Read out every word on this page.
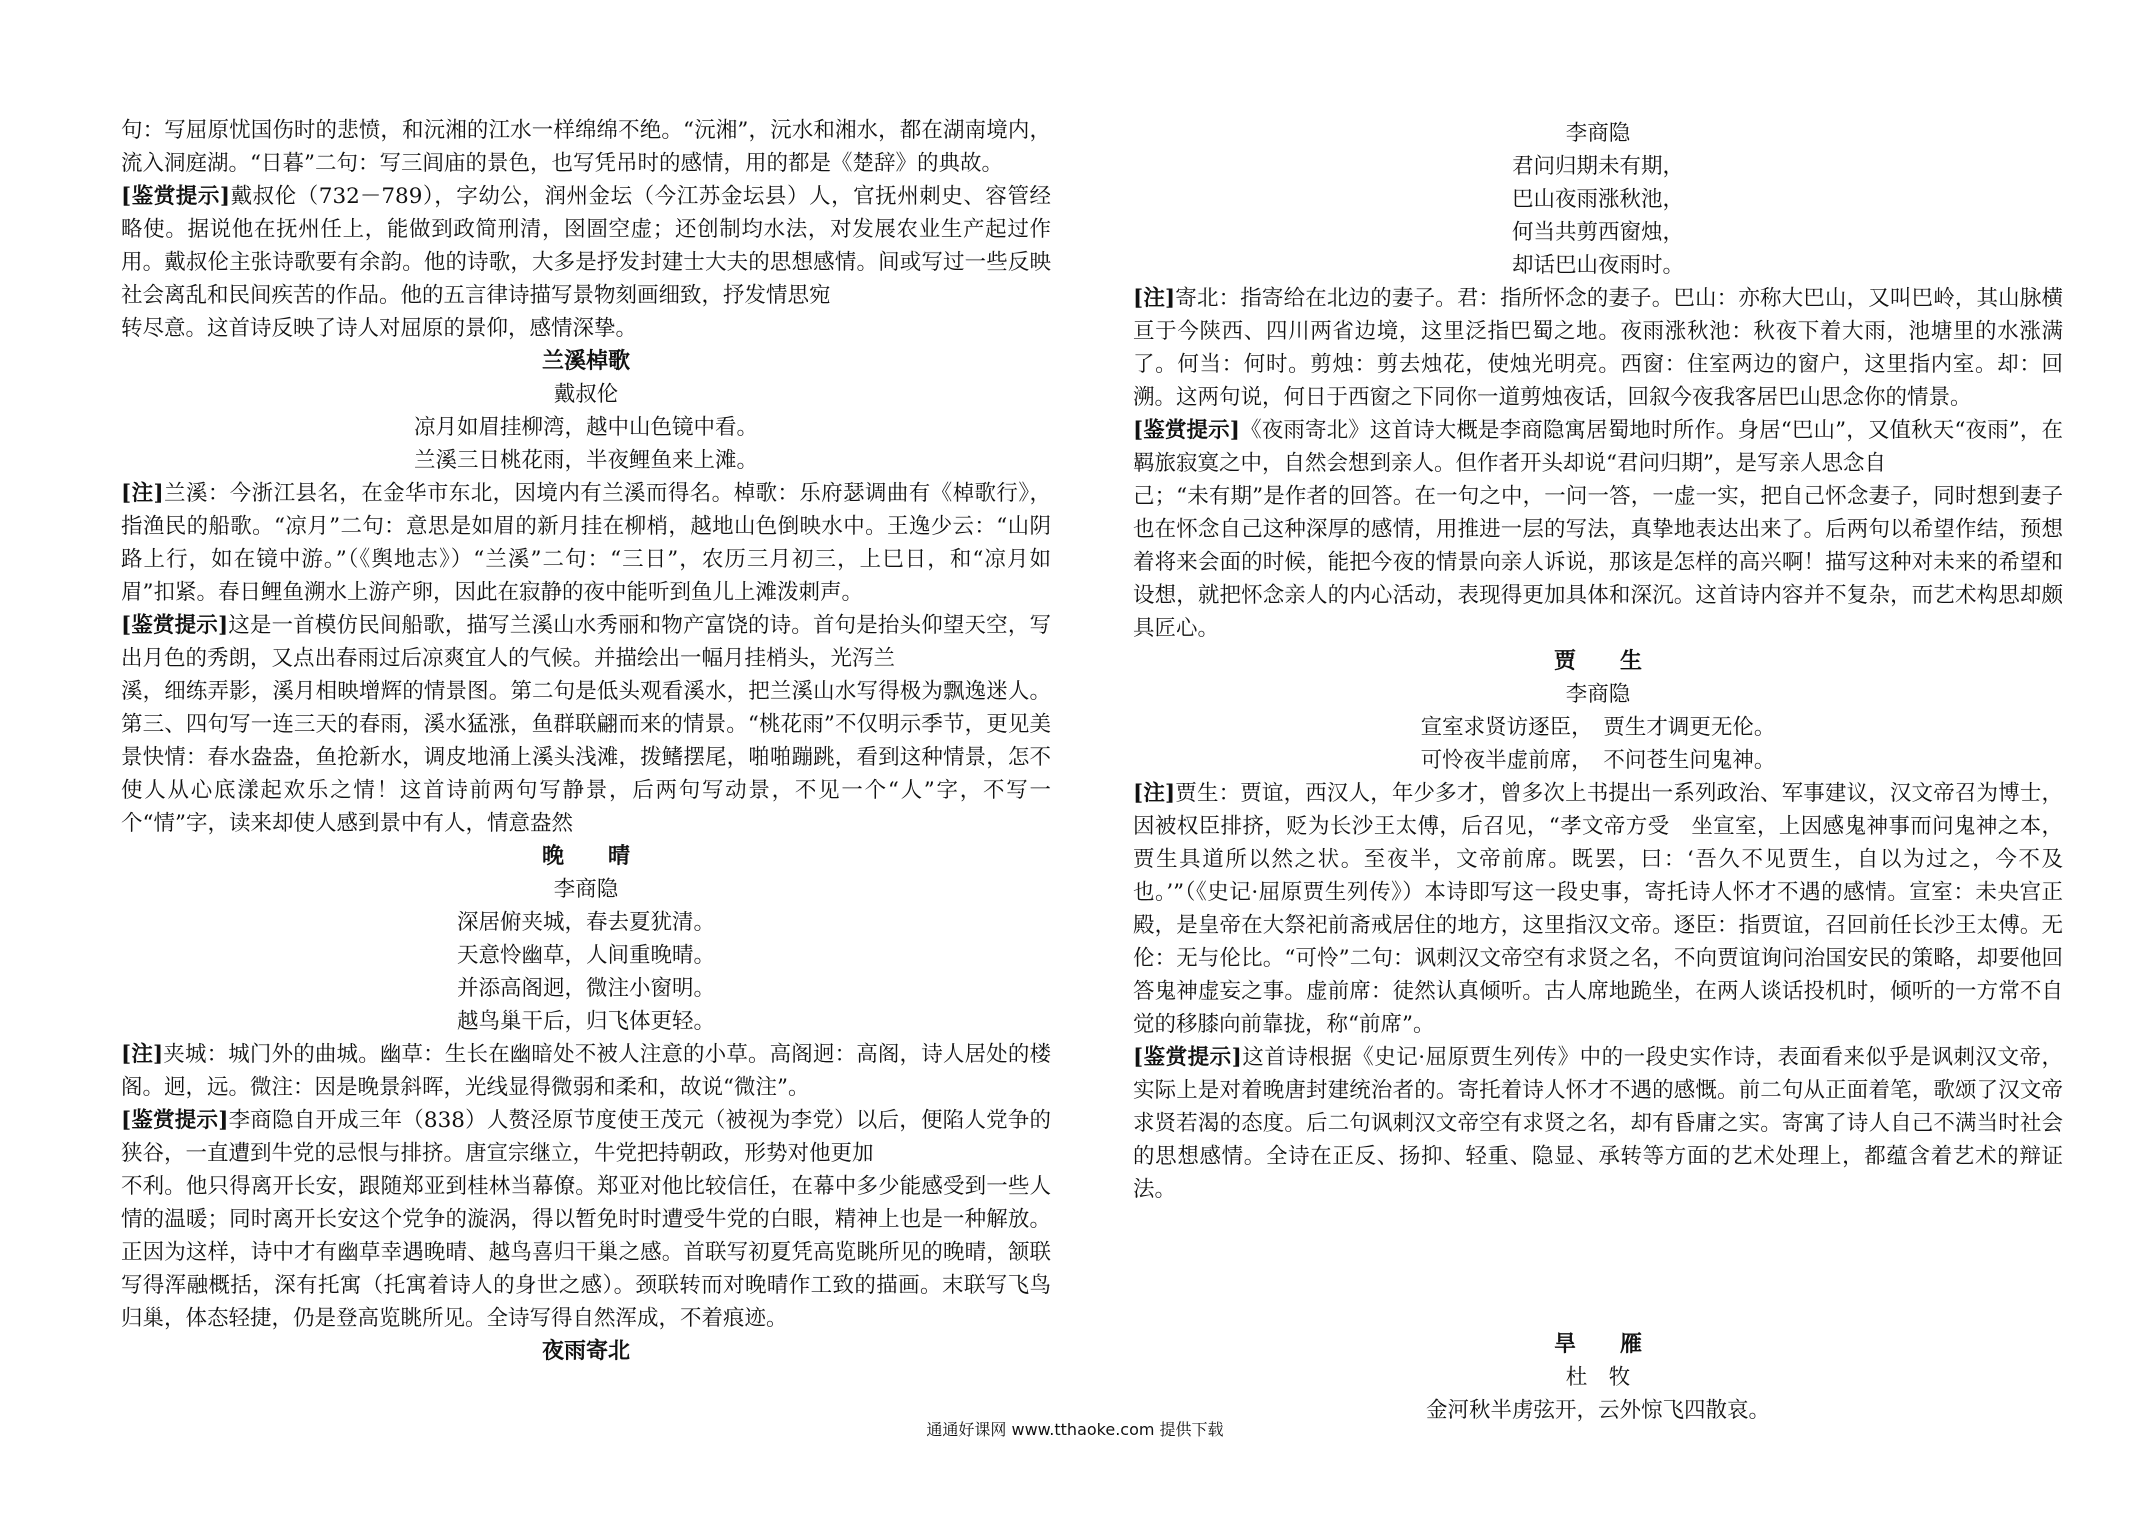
句：写屈原忧国伤时的悲愤，和沅湘的江水一样绵绵不绝。“沅湘”，沅水和湘水，都在湖南境内，流入洞庭湖。“日暮”二句：写三闾庙的景色，也写凭吊时的感情，用的都是《楚辞》的典故。

[鉴赏提示]戴叔伦（732－789），字幼公，润州金坛（今江苏金坛县）人，官抚州刺史、容管经略使。据说他在抚州任上，能做到政简刑清，囹圄空虚；还创制均水法，对发展农业生产起过作用。戴叔伦主张诗歌要有余韵。他的诗歌，大多是抒发封建士大夫的思想感情。间或写过一些反映社会离乱和民间疾苦的作品。他的五言律诗描写景物刻画细致，抒发情思宛

转尽意。这首诗反映了诗人对屈原的景仰，感情深挚。

兰溪棹歌

戴叔伦

凉月如眉挂柳湾，越中山色镜中看。

兰溪三日桃花雨，半夜鲤鱼来上滩。

[注]兰溪：今浙江县名，在金华市东北，因境内有兰溪而得名。棹歌：乐府瑟调曲有《棹歌行》，指渔民的船歌。“凉月”二句：意思是如眉的新月挂在柳梢，越地山色倒映水中。王逸少云：“山阴路上行，如在镜中游。”（《舆地志》）“兰溪”二句：“三日”，农历三月初三，上巳日，和“凉月如眉”扣紧。春日鲤鱼溯水上游产卵，因此在寂静的夜中能听到鱼儿上滩泼刺声。

[鉴赏提示]这是一首模仿民间船歌，描写兰溪山水秀丽和物产富饶的诗。首句是抬头仰望天空，写出月色的秀朗，又点出春雨过后凉爽宜人的气候。并描绘出一幅月挂梢头，光泻兰

溪，细练弄影，溪月相映增辉的情景图。第二句是低头观看溪水，把兰溪山水写得极为飘逸迷人。第三、四句写一连三天的春雨，溪水猛涨，鱼群联翩而来的情景。“桃花雨”不仅明示季节，更见美景快情：春水盎盎，鱼抢新水，调皮地涌上溪头浅滩，拨鳍摆尾，啪啪蹦跳，看到这种情景，怎不使人从心底漾起欢乐之情！这首诗前两句写静景，后两句写动景，不见一个“人”字，不写一个“情”字，读来却使人感到景中有人，情意盎然

晚　　晴

李商隐

深居俯夹城，春去夏犹清。

天意怜幽草，人间重晚晴。

并添高阁迥，微注小窗明。

越鸟巢干后，归飞体更轻。

[注]夹城：城门外的曲城。幽草：生长在幽暗处不被人注意的小草。高阁迥：高阁，诗人居处的楼阁。迥，远。微注：因是晚景斜晖，光线显得微弱和柔和，故说“微注”。

[鉴赏提示]李商隐自开成三年（838）人赘泾原节度使王茂元（被视为李党）以后，便陷人党争的狭谷，一直遭到牛党的忌恨与排挤。唐宣宗继立，牛党把持朝政，形势对他更加

不利。他只得离开长安，跟随郑亚到桂林当幕僚。郑亚对他比较信任，在幕中多少能感受到一些人情的温暖；同时离开长安这个党争的漩涡，得以暂免时时遭受牛党的白眼，精神上也是一种解放。正因为这样，诗中才有幽草幸遇晚晴、越鸟喜归干巢之感。首联写初夏凭高览眺所见的晚晴，颔联写得浑融概括，深有托寓（托寓着诗人的身世之感）。颈联转而对晚晴作工致的描画。末联写飞鸟归巢，体态轻捷，仍是登高览眺所见。全诗写得自然浑成，不着痕迹。

夜雨寄北

李商隐

君问归期未有期，

巴山夜雨涨秋池，

何当共剪西窗烛，

却话巴山夜雨时。

[注]寄北：指寄给在北边的妻子。君：指所怀念的妻子。巴山：亦称大巴山，又叫巴岭，其山脉横亘于今陕西、四川两省边境，这里泛指巴蜀之地。夜雨涨秋池：秋夜下着大雨，池塘里的水涨满了。何当：何时。剪烛：剪去烛花，使烛光明亮。西窗：住室两边的窗户，这里指内室。却：回溯。这两句说，何日于西窗之下同你一道剪烛夜话，回叙今夜我客居巴山思念你的情景。

[鉴赏提示]《夜雨寄北》这首诗大概是李商隐寓居蜀地时所作。身居“巴山”，又值秋天“夜雨”，在羁旅寂寞之中，自然会想到亲人。但作者开头却说“君问归期”，是写亲人思念自

己；“未有期”是作者的回答。在一句之中，一问一答，一虚一实，把自己怀念妻子，同时想到妻子也在怀念自己这种深厚的感情，用推进一层的写法，真挚地表达出来了。后两句以希望作结，预想着将来会面的时候，能把今夜的情景向亲人诉说，那该是怎样的高兴啊！描写这种对未来的希望和设想，就把怀念亲人的内心活动，表现得更加具体和深沉。这首诗内容并不复杂，而艺术构思却颇具匠心。

贾　　生

李商隐

宣室求贤访逐臣，　贾生才调更无伦。

可怜夜半虚前席，　不问苍生问鬼神。

[注]贾生：贾谊，西汉人，年少多才，曾多次上书提出一系列政治、军事建议，汉文帝召为博士，因被权臣排挤，贬为长沙王太傅，后召见，“孝文帝方受　坐宣室，上因感鬼神事而问鬼神之本，贾生具道所以然之状。至夜半，文帝前席。既罢，曰：‘吾久不见贾生，自以为过之，今不及也。’”（《史记·屈原贾生列传》）本诗即写这一段史事，寄托诗人怀才不遇的感情。宣室：未央宫正殿，是皇帝在大祭祀前斋戒居住的地方，这里指汉文帝。逐臣：指贾谊，召回前任长沙王太傅。无伦：无与伦比。“可怜”二句：讽刺汉文帝空有求贤之名，不向贾谊询问治国安民的策略，却要他回答鬼神虚妄之事。虚前席：徒然认真倾听。古人席地跪坐，在两人谈话投机时，倾听的一方常不自觉的移膝向前靠拢，称“前席”。

[鉴赏提示]这首诗根据《史记·屈原贾生列传》中的一段史实作诗，表面看来似乎是讽刺汉文帝，实际上是对着晚唐封建统治者的。寄托着诗人怀才不遇的感慨。前二句从正面着笔，歌颂了汉文帝求贤若渴的态度。后二句讽刺汉文帝空有求贤之名，却有昏庸之实。寄寓了诗人自己不满当时社会的思想感情。全诗在正反、扬抑、轻重、隐显、承转等方面的艺术处理上，都蕴含着艺术的辩证法。

旱　　雁

杜　牧

金河秋半虏弦开，云外惊飞四散哀。

通通好课网 www.tthaoke.com 提供下载
